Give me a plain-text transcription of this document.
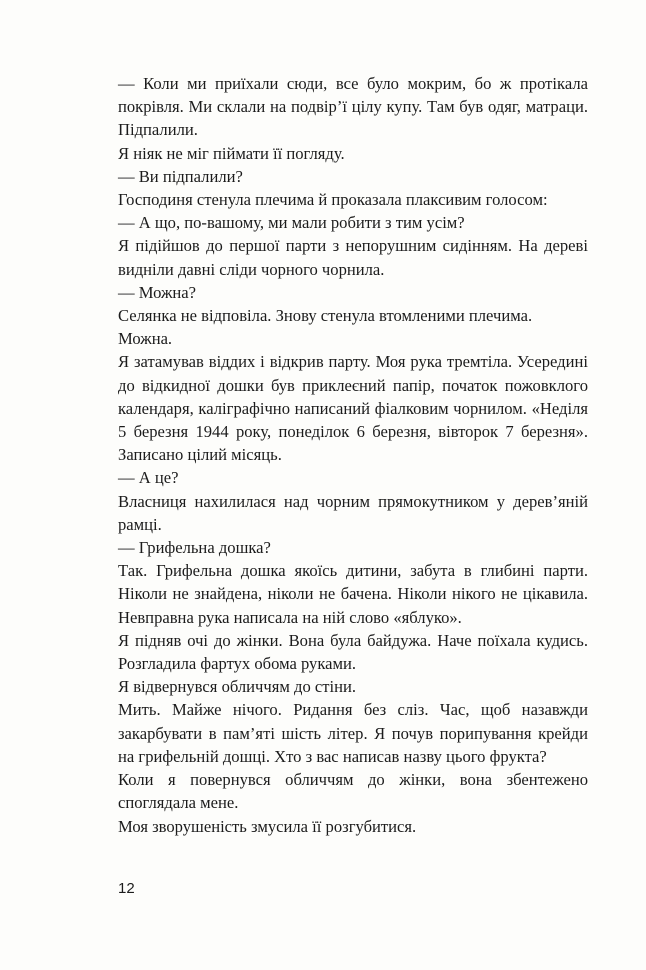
— Коли ми приїхали сюди, все було мокрим, бо ж протікала покрівля. Ми склали на подвір’ї цілу купу. Там був одяг, матраци. Підпалили.

Я ніяк не міг піймати її погляду.

— Ви підпалили?

Господиня стенула плечима й проказала плаксивим голосом:

— А що, по-вашому, ми мали робити з тим усім?

Я підійшов до першої парти з непорушним сидінням. На дереві видніли давні сліди чорного чорнила.

— Можна?

Селянка не відповіла. Знову стенула втомленими плечима.

Можна.

Я затамував віддих і відкрив парту. Моя рука тремтіла. Усередині до відкидної дошки був приклеєний папір, початок пожовклого календаря, каліграфічно написаний фіалковим чорнилом. «Неділя 5 березня 1944 року, понеділок 6 березня, вівторок 7 березня». Записано цілий місяць.

— А це?

Власниця нахилилася над чорним прямокутником у дерев’яній рамці.

— Грифельна дошка?

Так. Грифельна дошка якоїсь дитини, забута в глибині парти. Ніколи не знайдена, ніколи не бачена. Ніколи нікого не цікавила. Невправна рука написала на ній слово «яблуко».

Я підняв очі до жінки. Вона була байдужа. Наче поїхала кудись. Розгладила фартух обома руками.

Я відвернувся обличчям до стіни.

Мить. Майже нічого. Ридання без сліз. Час, щоб назавжди закарбувати в пам’яті шість літер. Я почув порипування крейди на грифельній дошці. Хто з вас написав назву цього фрукта?

Коли я повернувся обличчям до жінки, вона збентежено споглядала мене.

Моя зворушеність змусила її розгубитися.

12
